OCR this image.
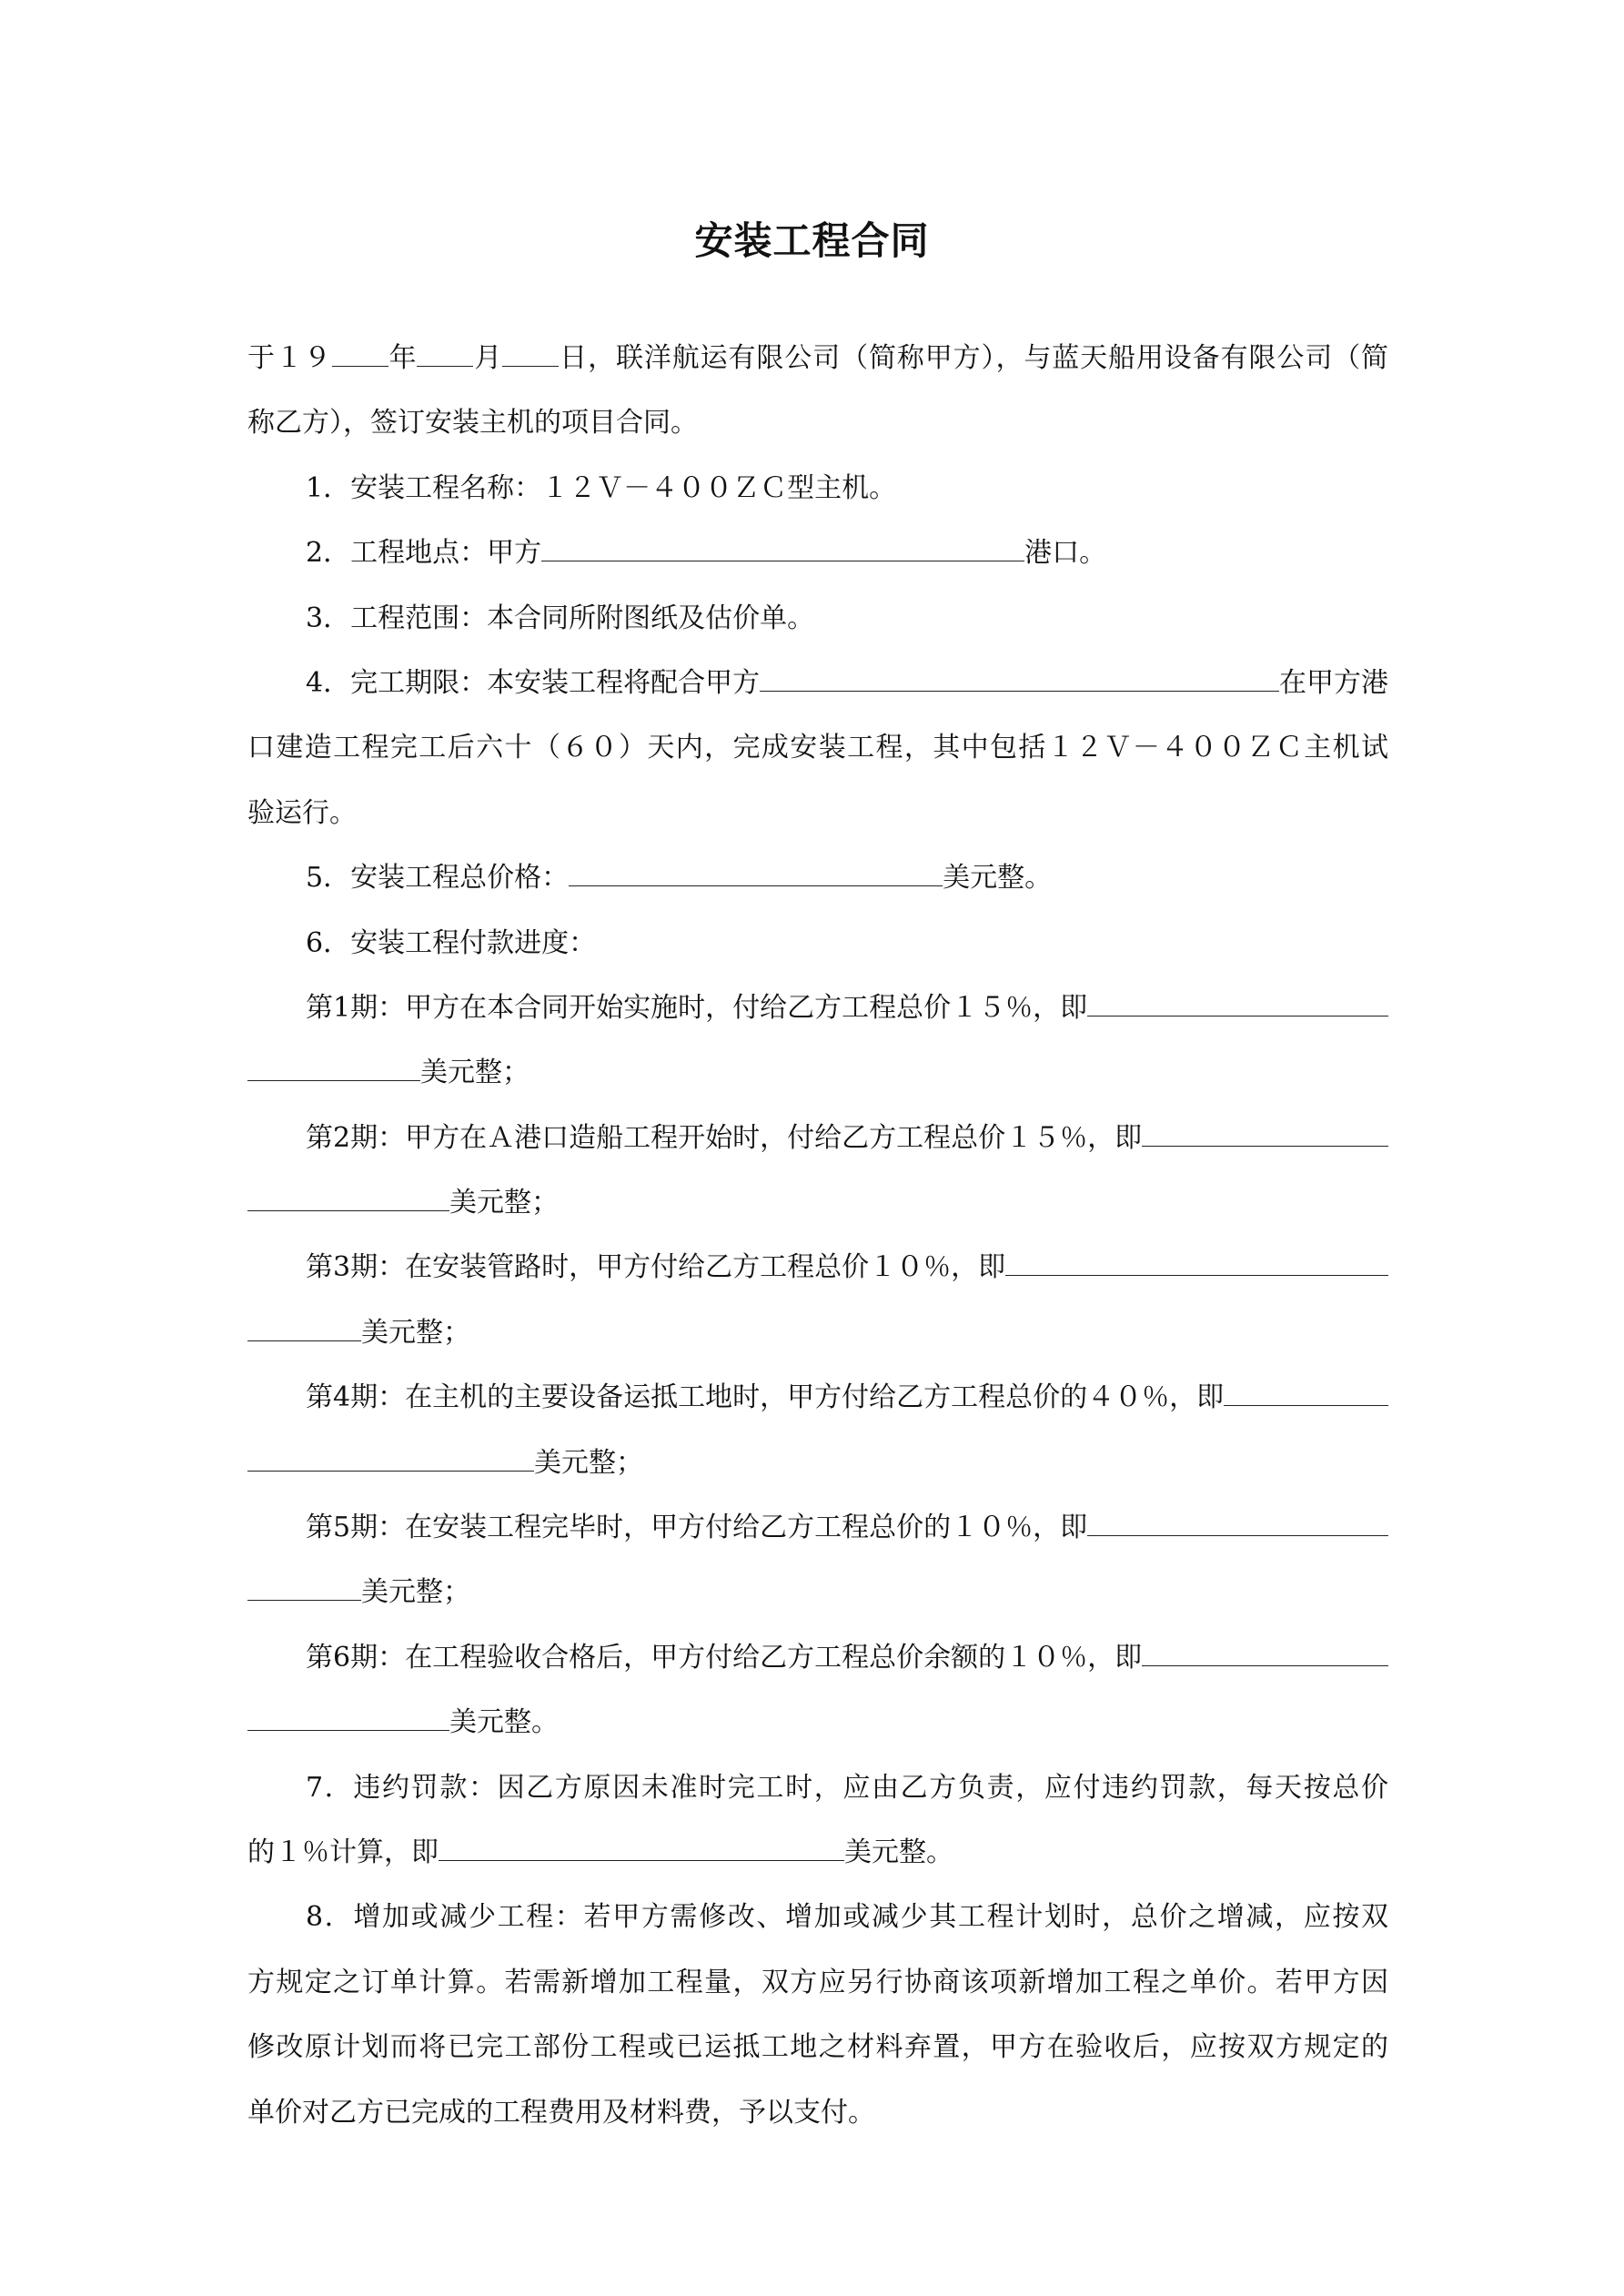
安装工程合同
于１９ 年 月 日，联洋航运有限公司（简称甲方），与蓝天船用设备有限公司（简
称乙方），签订安装主机的项目合同。
1．安装工程名称：１２Ｖ－４００ＺＣ型主机。
2．工程地点：甲方	港口。
3．工程范围：本合同所附图纸及估价单。
4．完工期限：本安装工程将配合甲方	在甲方港
口建造工程完工后六十（６０）天内，完成安装工程，其中包括１２Ｖ－４００ＺＣ主机试
验运行。
5．安装工程总价格：	美元整。
6．安装工程付款进度：
第1期：甲方在本合同开始实施时，付给乙方工程总价１５％，即
美元整；
第2期：甲方在Ａ港口造船工程开始时，付给乙方工程总价１５％，即
美元整；
第3期：在安装管路时，甲方付给乙方工程总价１０％，即
美元整；
第4期：在主机的主要设备运抵工地时，甲方付给乙方工程总价的４０％，即
美元整；
第5期：在安装工程完毕时，甲方付给乙方工程总价的１０％，即
美元整；
第6期：在工程验收合格后，甲方付给乙方工程总价余额的１０％，即
美元整。
7．违约罚款：因乙方原因未准时完工时，应由乙方负责，应付违约罚款，每天按总价
的１％计算，即	美元整。
8．增加或减少工程：若甲方需修改、增加或减少其工程计划时，总价之增减，应按双
方规定之订单计算。若需新增加工程量，双方应另行协商该项新增加工程之单价。若甲方因
修改原计划而将已完工部份工程或已运抵工地之材料弃置，甲方在验收后，应按双方规定的
单价对乙方已完成的工程费用及材料费，予以支付。
